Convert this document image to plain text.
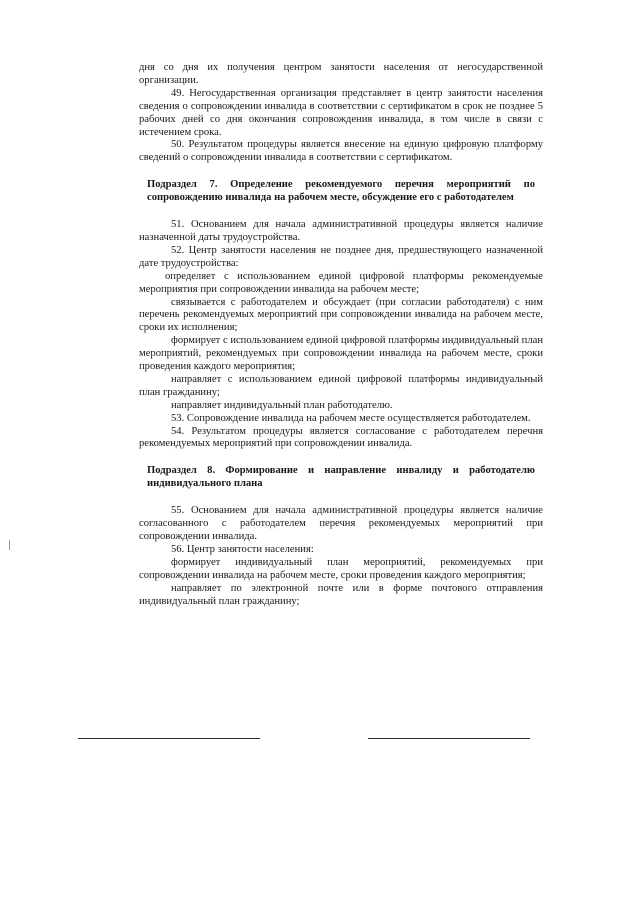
дня со дня их получения центром занятости населения от негосударственной организации.

49. Негосударственная организация представляет в центр занятости населения сведения о сопровождении инвалида в соответствии с сертификатом в срок не позднее 5 рабочих дней со дня окончания сопровождения инвалида, в том числе в связи с истечением срока.

50. Результатом процедуры является внесение на единую цифровую платформу сведений о сопровождении инвалида в соответствии с сертификатом.

Подраздел 7. Определение рекомендуемого перечня мероприятий по сопровождению инвалида на рабочем месте, обсуждение его с работодателем

51. Основанием для начала административной процедуры является наличие назначенной даты трудоустройства.

52. Центр занятости населения не позднее дня, предшествующего назначенной дате трудоустройства:

определяет с использованием единой цифровой платформы рекомендуемые мероприятия при сопровождении инвалида на рабочем месте;

связывается с работодателем и обсуждает (при согласии работодателя) с ним перечень рекомендуемых мероприятий при сопровождении инвалида на рабочем месте, сроки их исполнения;

формирует с использованием единой цифровой платформы индивидуальный план мероприятий, рекомендуемых при сопровождении инвалида на рабочем месте, сроки проведения каждого мероприятия;

направляет с использованием единой цифровой платформы индивидуальный план гражданину;

направляет индивидуальный план работодателю.

53. Сопровождение инвалида на рабочем месте осуществляется работодателем.

54. Результатом процедуры является согласование с работодателем перечня рекомендуемых мероприятий при сопровождении инвалида.

Подраздел 8. Формирование и направление инвалиду и работодателю индивидуального плана

55. Основанием для начала административной процедуры является наличие согласованного с работодателем перечня рекомендуемых мероприятий при сопровождении инвалида.

56. Центр занятости населения:

формирует индивидуальный план мероприятий, рекомендуемых при сопровождении инвалида на рабочем месте, сроки проведения каждого мероприятия;

направляет по электронной почте или в форме почтового отправления индивидуальный план гражданину;
